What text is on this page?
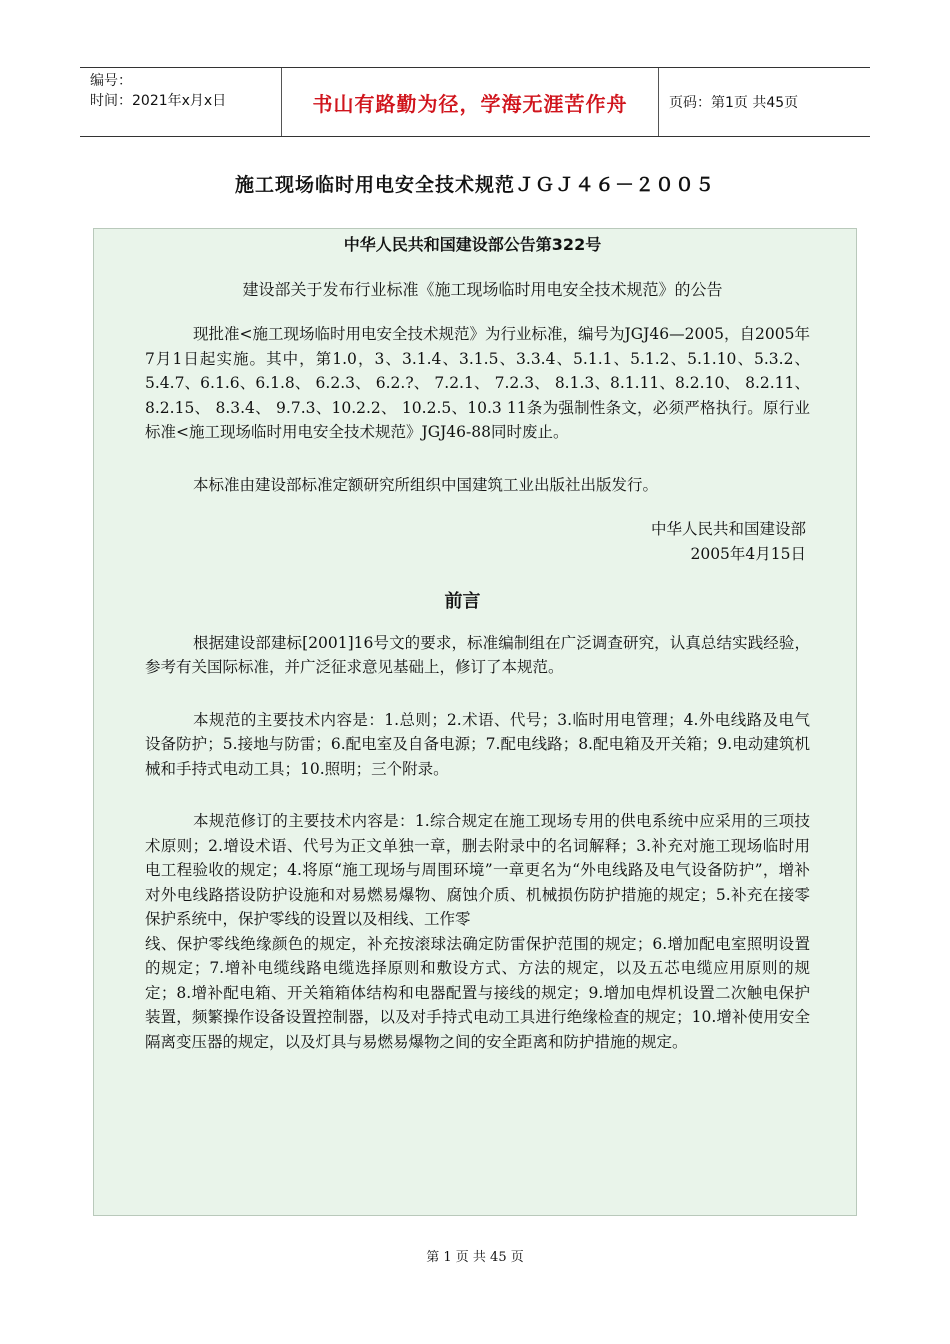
编号：
时间：2021年x月x日	书山有路勤为径，学海无涯苦作舟	页码：第1页 共45页
施工现场临时用电安全技术规范ＪＧＪ４６－２００５
中华人民共和国建设部公告第322号
建设部关于发布行业标准《施工现场临时用电安全技术规范》的公告

现批准<施工现场临时用电安全技术规范》为行业标准，编号为JGJ46—2005，自2005年7月1日起实施。其中，第1.0，3、3.1.4、3.1.5、3.3.4、5.1.1、5.1.2、5.1.10、5.3.2、5.4.7、6.1.6、6.1.8、 6.2.3、 6.2.?、 7.2.1、 7.2.3、 8.1.3、8.1.11、8.2.10、 8.2.11、 8.2.15、 8.3.4、 9.7.3、10.2.2、 10.2.5、10.3 11条为强制性条文，必须严格执行。原行业标准<施工现场临时用电安全技术规范》JGJ46-88同时废止。

本标准由建设部标准定额研究所组织中国建筑工业出版社出版发行。

中华人民共和国建设部

2005年4月15日

前言

根据建设部建标[2001]16号文的要求，标准编制组在广泛调查研究，认真总结实践经验，参考有关国际标准，并广泛征求意见基础上，修订了本规范。

本规范的主要技术内容是：1.总则；2.术语、代号；3.临时用电管理；4.外电线路及电气设备防护；5.接地与防雷；6.配电室及自备电源；7.配电线路；8.配电箱及开关箱；9.电动建筑机械和手持式电动工具；10.照明；三个附录。

本规范修订的主要技术内容是：1.综合规定在施工现场专用的供电系统中应采用的三项技术原则；2.增设术语、代号为正文单独一章，删去附录中的名词解释；3.补充对施工现场临时用电工程验收的规定；4.将原“施工现场与周围环境”一章更名为“外电线路及电气设备防护”，增补对外电线路搭设防护设施和对易燃易爆物、腐蚀介质、机械损伤防护措施的规定；5.补充在接零保护系统中，保护零线的设置以及相线、工作零

线、保护零线绝缘颜色的规定，补充按滚球法确定防雷保护范围的规定；6.增加配电室照明设置的规定；7.增补电缆线路电缆选择原则和敷设方式、方法的规定，以及五芯电缆应用原则的规定；8.增补配电箱、开关箱箱体结构和电器配置与接线的规定；9.增加电焊机设置二次触电保护装置，频繁操作设备设置控制器，以及对手持式电动工具进行绝缘检查的规定；10.增补使用安全隔离变压器的规定，以及灯具与易燃易爆物之间的安全距离和防护措施的规定。

第 1 页 共 45 页
